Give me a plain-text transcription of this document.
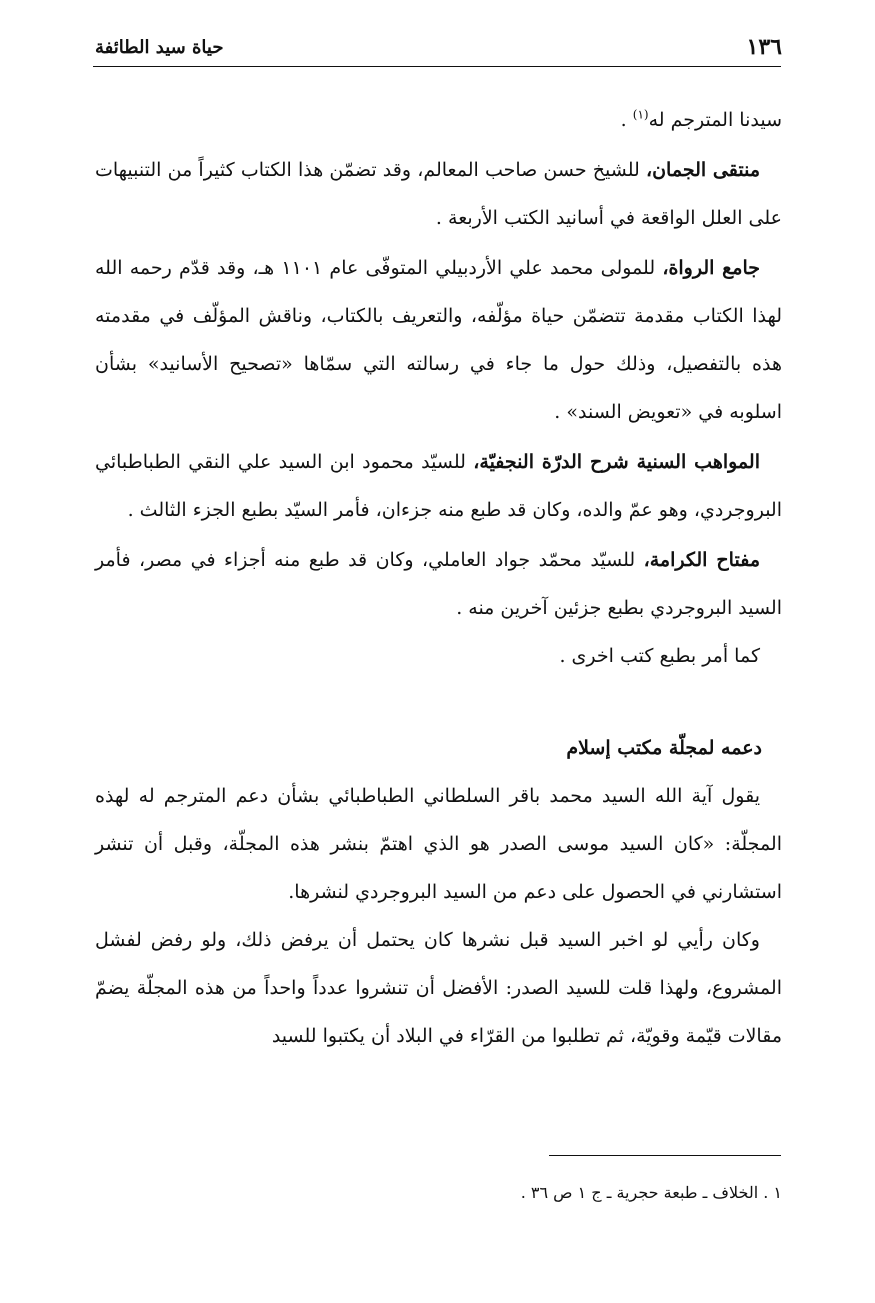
١٣٦
حياة سيد الطائفة

سيدنا المترجم له$^{(١)}$ .

منتقى الجمان، للشيخ حسن صاحب المعالم، وقد تضمّن هذا الكتاب كثيراً من التنبيهات على العلل الواقعة في أسانيد الكتب الأربعة .

جامع الرواة، للمولى محمد علي الأردبيلي المتوفّى عام ١١٠١ هـ، وقد قدّم رحمه الله لهذا الكتاب مقدمة تتضمّن حياة مؤلّفه، والتعريف بالكتاب، وناقش المؤلّف في مقدمته هذه بالتفصيل، وذلك حول ما جاء في رسالته التي سمّاها «تصحيح الأسانيد» بشأن اسلوبه في «تعويض السند» .

المواهب السنية شرح الدرّة النجفيّة، للسيّد محمود ابن السيد علي النقي الطباطبائي البروجردي، وهو عمّ والده، وكان قد طبع منه جزءان، فأمر السيّد بطبع الجزء الثالث .

مفتاح الكرامة، للسيّد محمّد جواد العاملي، وكان قد طبع منه أجزاء في مصر، فأمر السيد البروجردي بطبع جزئين آخرين منه .

كما أمر بطبع كتب اخرى .

دعمه لمجلّة مكتب إسلام

يقول آية الله السيد محمد باقر السلطاني الطباطبائي بشأن دعم المترجم له لهذه المجلّة: «كان السيد موسى الصدر هو الذي اهتمّ بنشر هذه المجلّة، وقبل أن تنشر استشارني في الحصول على دعم من السيد البروجردي لنشرها.

وكان رأيي لو اخبر السيد قبل نشرها كان يحتمل أن يرفض ذلك، ولو رفض لفشل المشروع، ولهذا قلت للسيد الصدر: الأفضل أن تنشروا عدداً واحداً من هذه المجلّة يضمّ مقالات قيّمة وقويّة، ثم تطلبوا من القرّاء في البلاد أن يكتبوا للسيد

١ . الخلاف ـ طبعة حجرية ـ ج ١ ص ٣٦ .
